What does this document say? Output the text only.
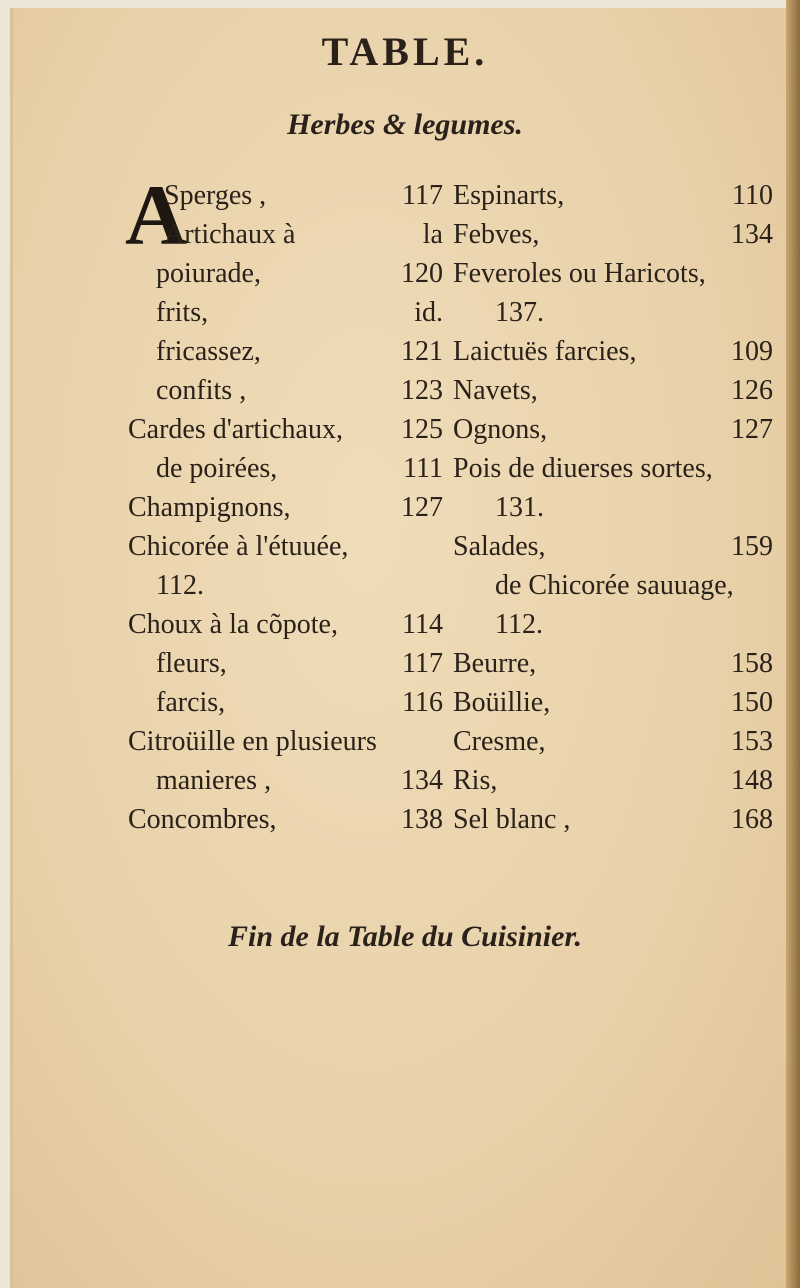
TABLE.
Herbes & legumes.
A
Sperges ,	117
Artichaux à	la
poiurade,	120
frits,	id.
fricassez,	121
confits ,	123
Cardes d'artichaux,	125
de poirées,	111
Champignons,	127
Chicorée à l'étuuée,
112.
Choux à la cõpote,	114
fleurs,	117
farcis,	116
Citroüille en plusieurs
manieres ,	134
Concombres,	138
Espinarts,	110
Febves,	134
Feveroles ou Haricots,
137.
Laictuës farcies,	109
Navets,	126
Ognons,	127
Pois de diuerses sortes,
131.
Salades,	159
de Chicorée sauuage,
112.
Beurre,	158
Boüillie,	150
Cresme,	153
Ris,	148
Sel blanc ,	168
Fin de la Table du Cuisinier.
